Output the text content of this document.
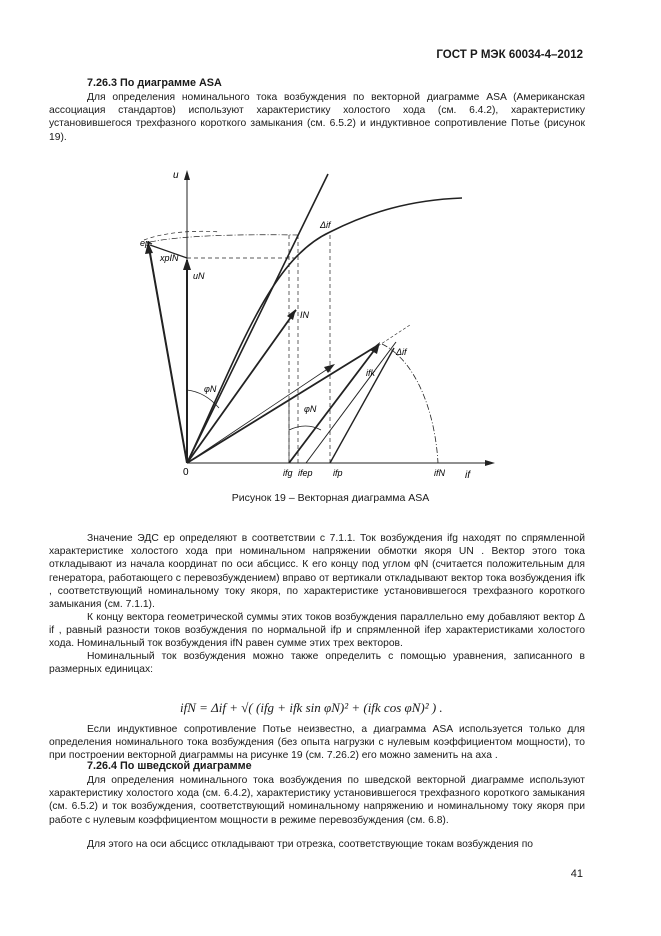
ГОСТ Р МЭК 60034-4–2012
7.26.3 По диаграмме ASA
Для определения номинального тока возбуждения по векторной диаграмме ASA (Американская ассоциация стандартов) используют характеристику холостого хода (см. 6.4.2), характеристику установившегося трехфазного короткого замыкания (см. 6.5.2) и индуктивное сопротивление Потье (рисунок 19).
u
if
0
ep
xpIN
uN
IN
φN
φN
Δif
Δif
ifk
ifg ifep ifp	ifN
Рисунок 19 – Векторная диаграмма ASA
Значение ЭДС ep определяют в соответствии с 7.1.1. Ток возбуждения ifg находят по спрямленной характеристике холостого хода при номинальном напряжении обмотки якоря UN . Вектор этого тока откладывают из начала координат по оси абсцисс. К его концу под углом φN (считается положительным для генератора, работающего с перевозбуждением) вправо от вертикали откладывают вектор тока возбуждения ifk , соответствующий номинальному току якоря, по характеристике установившегося трехфазного короткого замыкания (см. 7.1.1).
К концу вектора геометрической суммы этих токов возбуждения параллельно ему добавляют вектор Δ if , равный разности токов возбуждения по нормальной ifp и спрямленной ifep характеристиками холостого хода. Номинальный ток возбуждения ifN равен сумме этих трех векторов.
Номинальный ток возбуждения можно также определить с помощью уравнения, записанного в размерных единицах:
ifN = Δif + √( (ifg + ifk sin φN)² + (ifk cos φN)² ) .
Если индуктивное сопротивление Потье неизвестно, а диаграмма ASA используется только для определения номинального тока возбуждения (без опыта нагрузки с нулевым коэффициентом мощности), то при построении векторной диаграммы на рисунке 19 (см. 7.26.2) его можно заменить на axa .
7.26.4 По шведской диаграмме
Для определения номинального тока возбуждения по шведской векторной диаграмме используют характеристику холостого хода (см. 6.4.2), характеристику установившегося трехфазного короткого замыкания (см. 6.5.2) и ток возбуждения, соответствующий номинальному напряжению и номинальному току якоря при работе с нулевым коэффициентом мощности в режиме перевозбуждения (см. 6.8).
Для этого на оси абсцисс откладывают три отрезка, соответствующие токам возбуждения по
41
